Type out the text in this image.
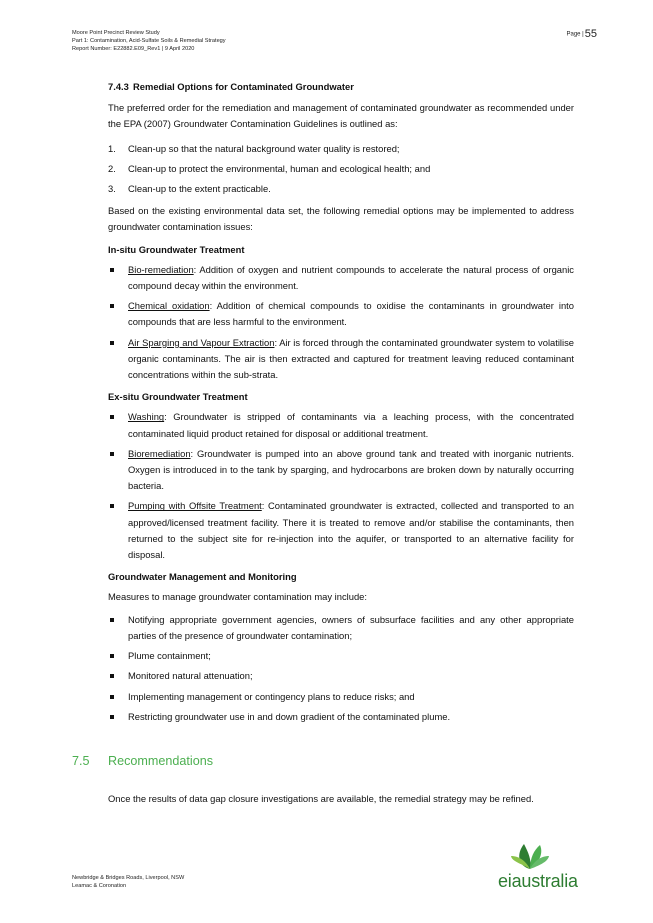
Moore Point Precinct Review Study
Part 1: Contamination, Acid-Sulfate Soils & Remedial Strategy
Report Number: E22882.E09_Rev1 | 9 April 2020
Page |55
7.4.3 Remedial Options for Contaminated Groundwater

The preferred order for the remediation and management of contaminated groundwater as recommended under the EPA (2007) Groundwater Contamination Guidelines is outlined as:

1. Clean-up so that the natural background water quality is restored;
2. Clean-up to protect the environmental, human and ecological health; and
3. Clean-up to the extent practicable.

Based on the existing environmental data set, the following remedial options may be implemented to address groundwater contamination issues:

In-situ Groundwater Treatment
Bio-remediation: Addition of oxygen and nutrient compounds to accelerate the natural process of organic compound decay within the environment.
Chemical oxidation: Addition of chemical compounds to oxidise the contaminants in groundwater into compounds that are less harmful to the environment.
Air Sparging and Vapour Extraction: Air is forced through the contaminated groundwater system to volatilise organic contaminants. The air is then extracted and captured for treatment leaving reduced contaminant concentrations within the sub-strata.
Ex-situ Groundwater Treatment
Washing: Groundwater is stripped of contaminants via a leaching process, with the concentrated contaminated liquid product retained for disposal or additional treatment.
Bioremediation: Groundwater is pumped into an above ground tank and treated with inorganic nutrients. Oxygen is introduced in to the tank by sparging, and hydrocarbons are broken down by naturally occurring bacteria.
Pumping with Offsite Treatment: Contaminated groundwater is extracted, collected and transported to an approved/licensed treatment facility. There it is treated to remove and/or stabilise the contaminants, then returned to the subject site for re-injection into the aquifer, or transported to an alternative facility for disposal.
Groundwater Management and Monitoring

Measures to manage groundwater contamination may include:

Notifying appropriate government agencies, owners of subsurface facilities and any other appropriate parties of the presence of groundwater contamination;
Plume containment;
Monitored natural attenuation;
Implementing management or contingency plans to reduce risks; and
Restricting groundwater use in and down gradient of the contaminated plume.
7.5 Recommendations

Once the results of data gap closure investigations are available, the remedial strategy may be refined.

Newbridge & Bridges Roads, Liverpool, NSW
Leamac & Coronation	eiaustralia
